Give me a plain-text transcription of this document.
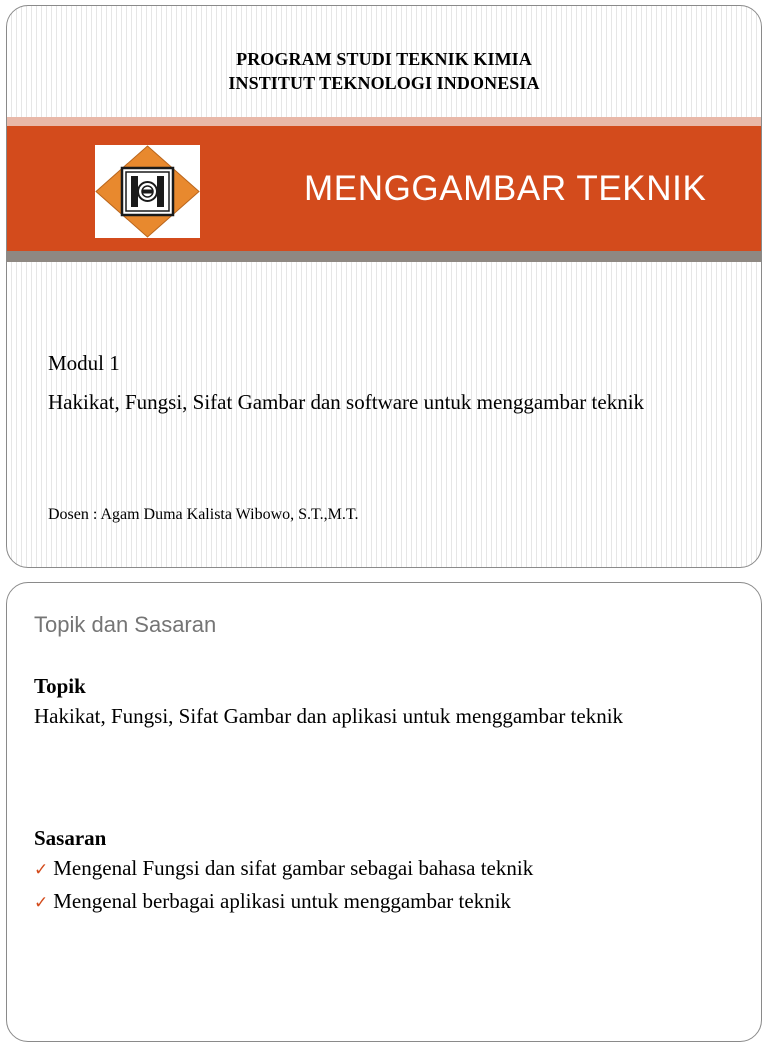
PROGRAM STUDI TEKNIK KIMIA
INSTITUT TEKNOLOGI INDONESIA
MENGGAMBAR TEKNIK
Modul 1
Hakikat, Fungsi, Sifat Gambar dan software untuk menggambar teknik
Dosen : Agam Duma Kalista Wibowo, S.T.,M.T.
Topik dan Sasaran
Topik
Hakikat, Fungsi, Sifat Gambar dan aplikasi untuk menggambar teknik
Sasaran
✓ Mengenal Fungsi dan sifat gambar sebagai bahasa teknik
✓ Mengenal berbagai aplikasi untuk menggambar teknik
